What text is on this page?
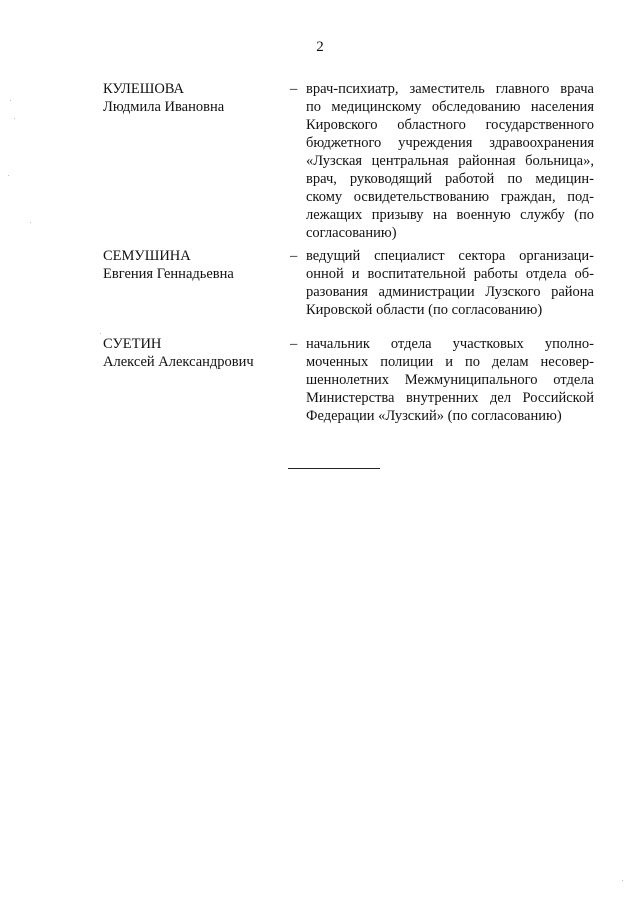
2
КУЛЕШОВА
Людмила Ивановна
– врач-психиатр, заместитель главного врача
по медицинскому обследованию населения
Кировского областного государственного
бюджетного учреждения здравоохранения
«Лузская центральная районная больница»,
врач, руководящий работой по медицин-
скому освидетельствованию граждан, под-
лежащих призыву на военную службу (по
согласованию)
СЕМУШИНА
Евгения Геннадьевна
– ведущий специалист сектора организаци-
онной и воспитательной работы отдела об-
разования администрации Лузского района
Кировской области (по согласованию)
СУЕТИН
Алексей Александрович
– начальник отдела участковых уполно-
моченных полиции и по делам несовер-
шеннолетних Межмуниципального отдела
Министерства внутренних дел Российской
Федерации «Лузский» (по согласованию)
